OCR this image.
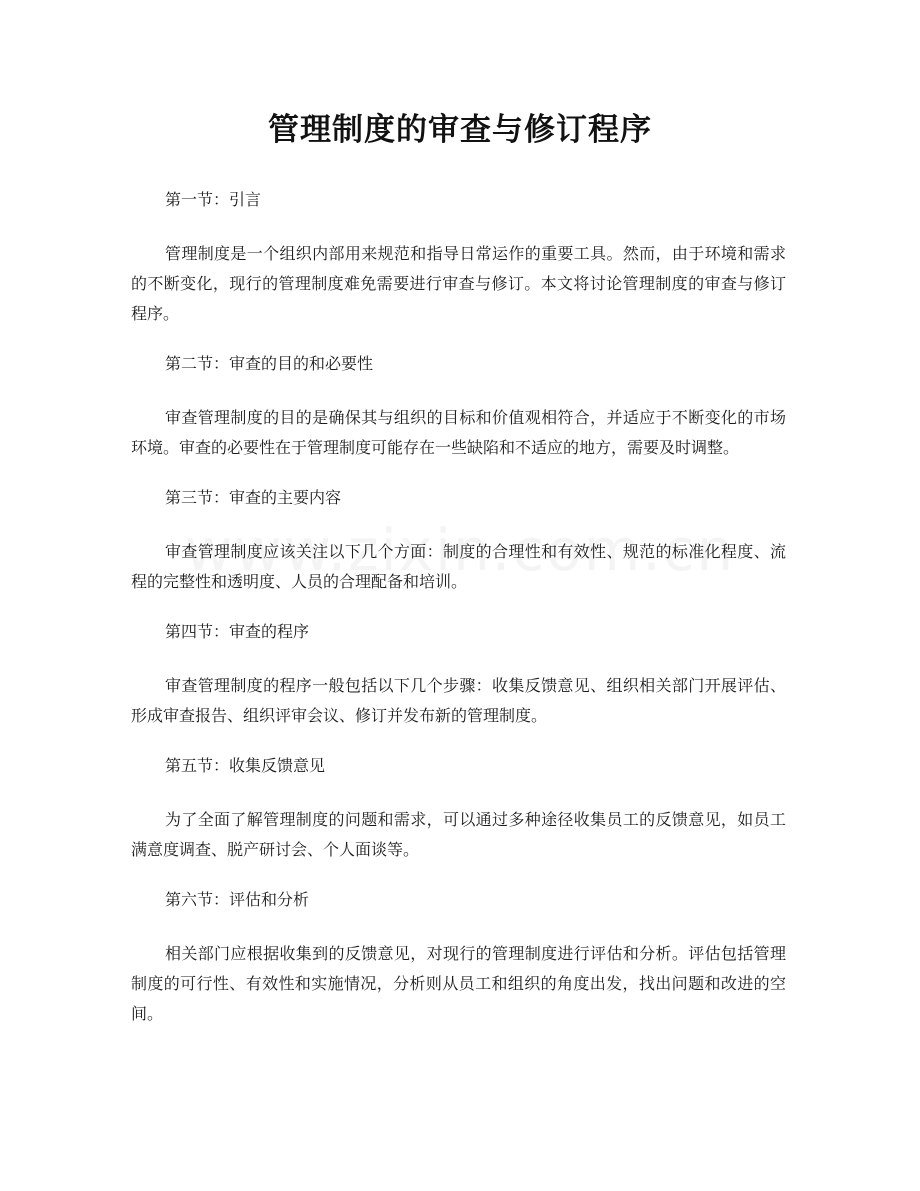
管理制度的审查与修订程序

第一节：引言

管理制度是一个组织内部用来规范和指导日常运作的重要工具。然而，由于环境和需求的不断变化，现行的管理制度难免需要进行审查与修订。本文将讨论管理制度的审查与修订程序。

第二节：审查的目的和必要性

审查管理制度的目的是确保其与组织的目标和价值观相符合，并适应于不断变化的市场环境。审查的必要性在于管理制度可能存在一些缺陷和不适应的地方，需要及时调整。

第三节：审查的主要内容

审查管理制度应该关注以下几个方面：制度的合理性和有效性、规范的标准化程度、流程的完整性和透明度、人员的合理配备和培训。

第四节：审查的程序

审查管理制度的程序一般包括以下几个步骤：收集反馈意见、组织相关部门开展评估、形成审查报告、组织评审会议、修订并发布新的管理制度。

第五节：收集反馈意见

为了全面了解管理制度的问题和需求，可以通过多种途径收集员工的反馈意见，如员工满意度调查、脱产研讨会、个人面谈等。

第六节：评估和分析

相关部门应根据收集到的反馈意见，对现行的管理制度进行评估和分析。评估包括管理制度的可行性、有效性和实施情况，分析则从员工和组织的角度出发，找出问题和改进的空间。
